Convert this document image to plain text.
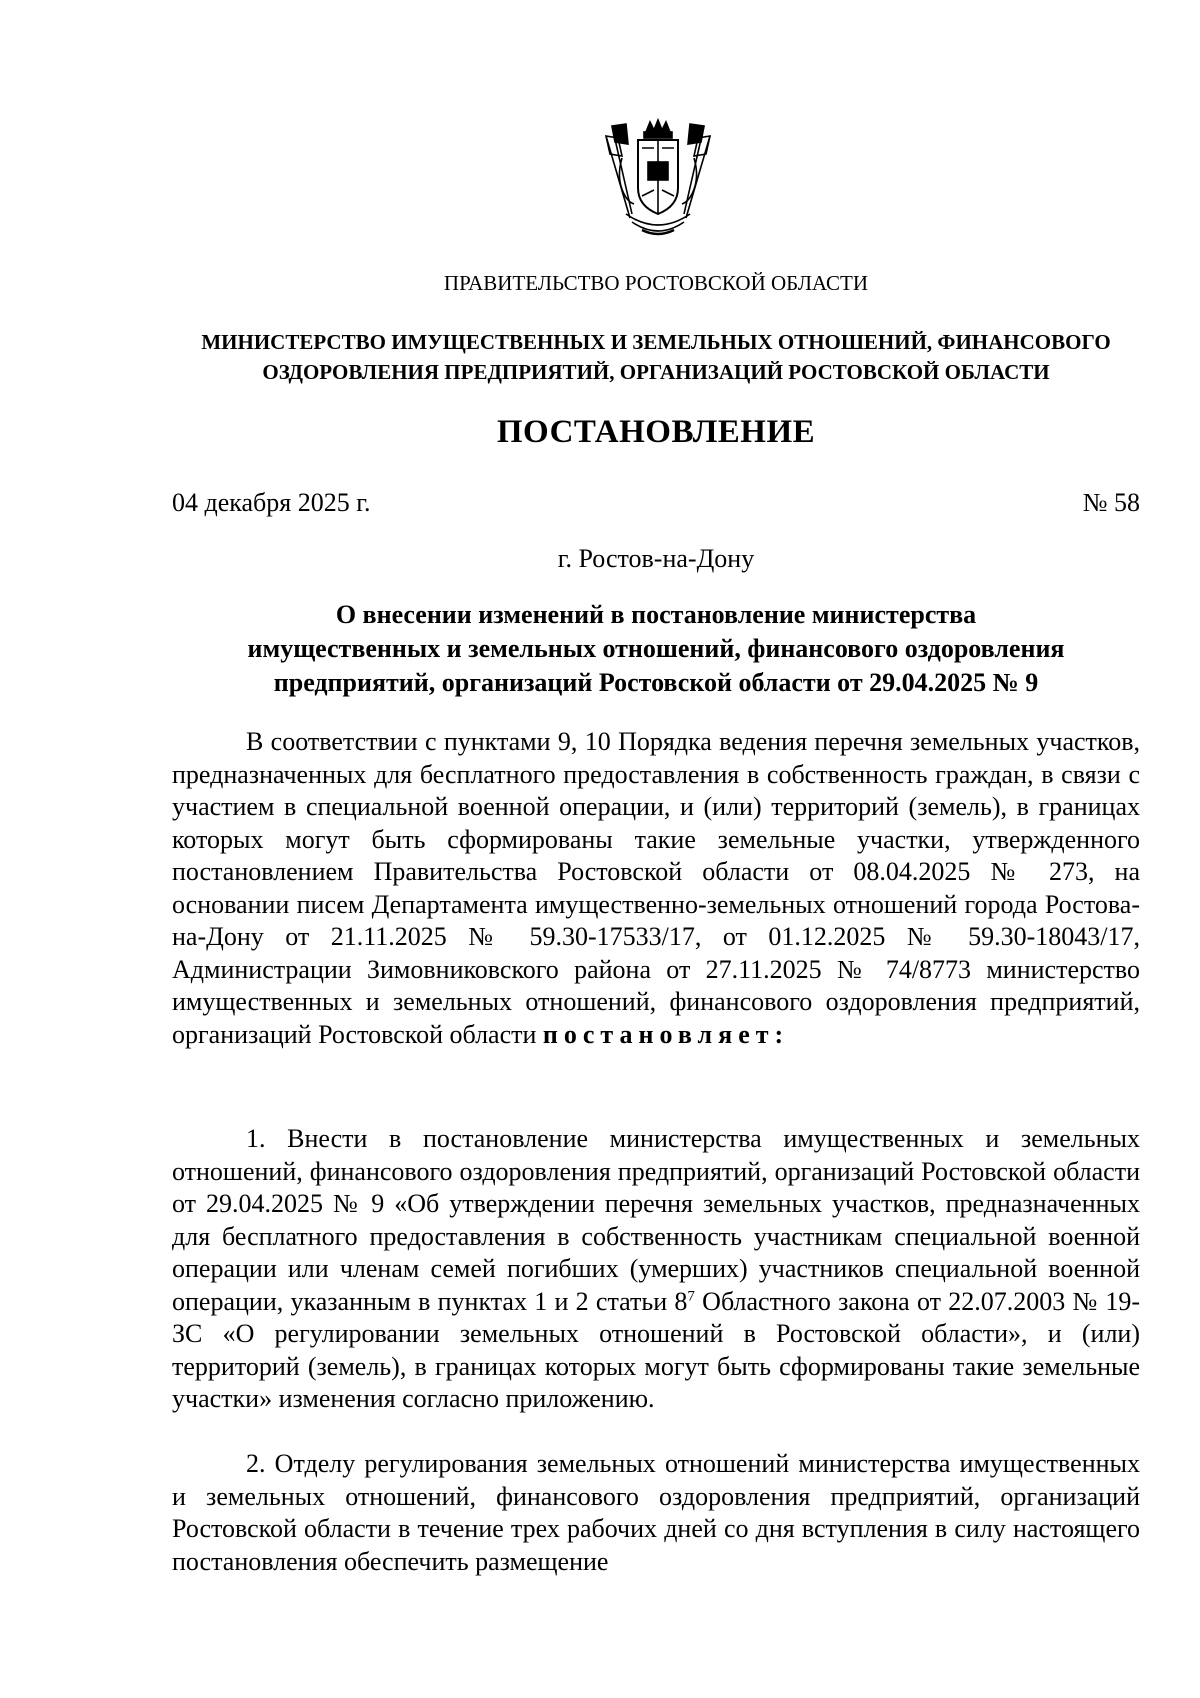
ПРАВИТЕЛЬСТВО РОСТОВСКОЙ ОБЛАСТИ
МИНИСТЕРСТВО ИМУЩЕСТВЕННЫХ И ЗЕМЕЛЬНЫХ ОТНОШЕНИЙ, ФИНАНСОВОГО
ОЗДОРОВЛЕНИЯ ПРЕДПРИЯТИЙ, ОРГАНИЗАЦИЙ РОСТОВСКОЙ ОБЛАСТИ
ПОСТАНОВЛЕНИЕ
04 декабря 2025 г.	№ 58
г. Ростов-на-Дону
О внесении изменений в постановление министерства
имущественных и земельных отношений, финансового оздоровления
предприятий, организаций Ростовской области от 29.04.2025 № 9

В соответствии с пунктами 9, 10 Порядка ведения перечня земельных участков, предназначенных для бесплатного предоставления в собственность граждан, в связи с участием в специальной военной операции, и (или) территорий (земель), в границах которых могут быть сформированы такие земельные участки, утвержденного постановлением Правительства Ростовской области от 08.04.2025 № 273, на основании писем Департамента имущественно-земельных отношений города Ростова-на-Дону от 21.11.2025 № 59.30-17533/17, от 01.12.2025 № 59.30-18043/17, Администрации Зимовниковского района от 27.11.2025 № 74/8773 министерство имущественных и земельных отношений, финансового оздоровления предприятий, организаций Ростовской области постановляет:

1. Внести в постановление министерства имущественных и земельных отношений, финансового оздоровления предприятий, организаций Ростовской области от 29.04.2025 № 9 «Об утверждении перечня земельных участков, предназначенных для бесплатного предоставления в собственность участникам специальной военной операции или членам семей погибших (умерших) участников специальной военной операции, указанным в пунктах 1 и 2 статьи $8^7$ Областного закона от 22.07.2003 № 19-ЗС «О регулировании земельных отношений в Ростовской области», и (или) территорий (земель), в границах которых могут быть сформированы такие земельные участки» изменения согласно приложению.

2. Отделу регулирования земельных отношений министерства имущественных и земельных отношений, финансового оздоровления предприятий, организаций Ростовской области в течение трех рабочих дней со дня вступления в силу настоящего постановления обеспечить размещение
